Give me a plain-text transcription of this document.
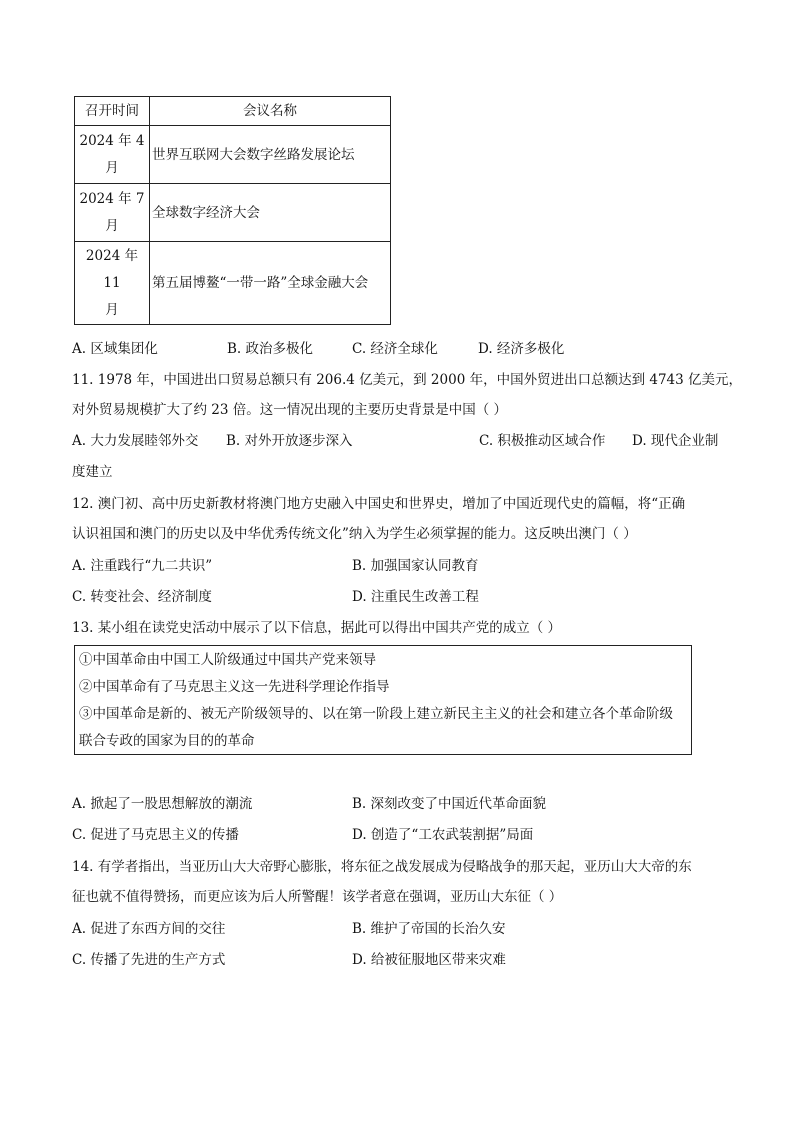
召开时间	会议名称

2024 年 4
月	世界互联网大会数字丝路发展论坛

2024 年 7
月	全球数字经济大会

2024 年 11
月	第五届博鳌“一带一路”全球金融大会
A. 区域集团化	B. 政治多极化	C. 经济全球化	D. 经济多极化
11. 1978 年，中国进出口贸易总额只有 206.4 亿美元，到 2000 年，中国外贸进出口总额达到 4743 亿美元，
对外贸易规模扩大了约 23 倍。这一情况出现的主要历史背景是中国（ ）
A. 大力发展睦邻外交 B. 对外开放逐步深入	C. 积极推动区域合作 D. 现代企业制
度建立
12. 澳门初、高中历史新教材将澳门地方史融入中国史和世界史，增加了中国近现代史的篇幅，将“正确
认识祖国和澳门的历史以及中华优秀传统文化”纳入为学生必须掌握的能力。这反映出澳门（ ）
A. 注重践行“九二共识”	B. 加强国家认同教育
C. 转变社会、经济制度	D. 注重民生改善工程
13. 某小组在读党史活动中展示了以下信息，据此可以得出中国共产党的成立（ ）
①中国革命由中国工人阶级通过中国共产党来领导
②中国革命有了马克思主义这一先进科学理论作指导
③中国革命是新的、被无产阶级领导的、以在第一阶段上建立新民主主义的社会和建立各个革命阶级
联合专政的国家为目的的革命
A. 掀起了一股思想解放的潮流	B. 深刻改变了中国近代革命面貌
C. 促进了马克思主义的传播	D. 创造了“工农武装割据”局面
14. 有学者指出，当亚历山大大帝野心膨胀，将东征之战发展成为侵略战争的那天起，亚历山大大帝的东
征也就不值得赞扬，而更应该为后人所警醒！该学者意在强调，亚历山大东征（ ）
A. 促进了东西方间的交往	B. 维护了帝国的长治久安
C. 传播了先进的生产方式	D. 给被征服地区带来灾难
